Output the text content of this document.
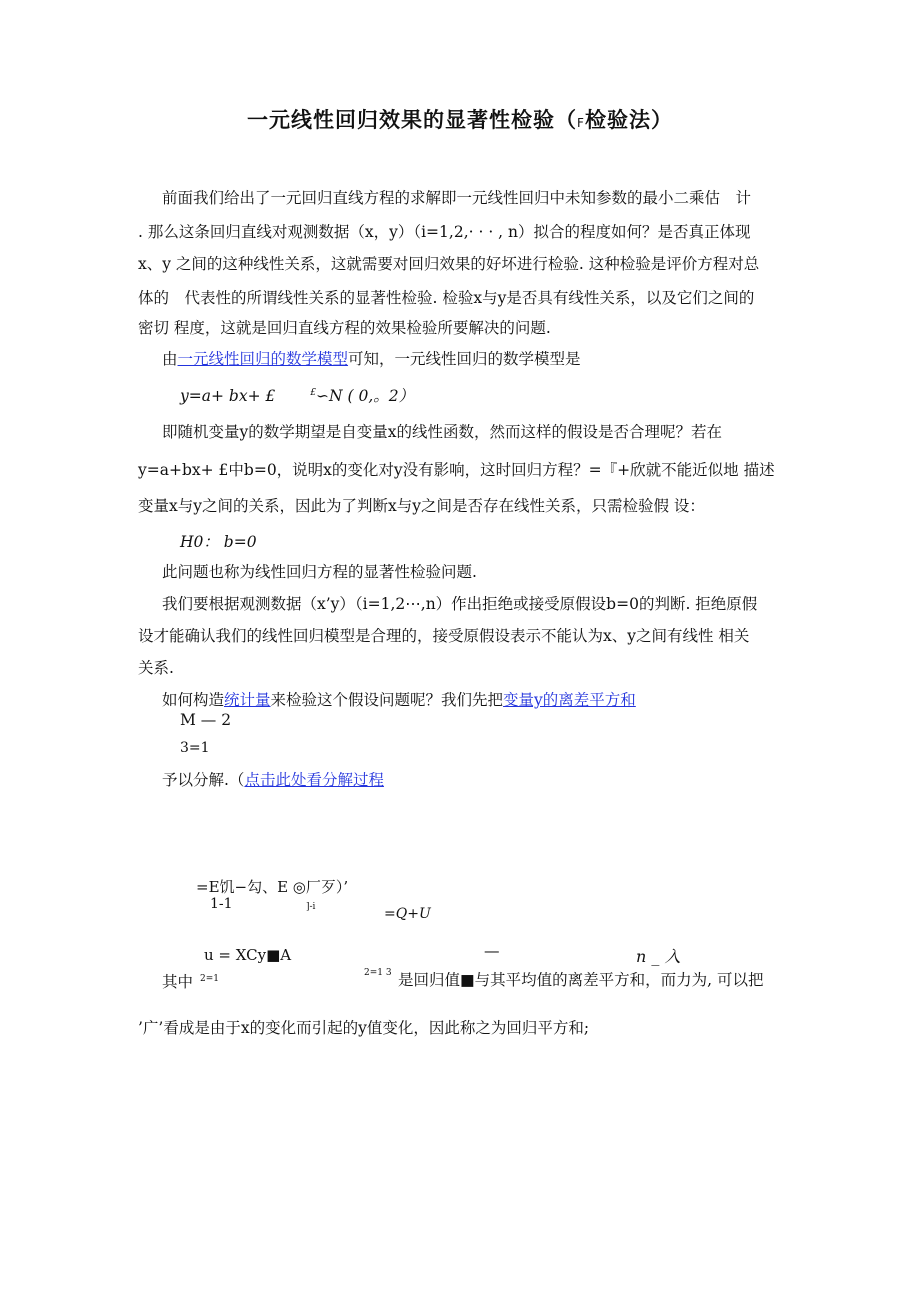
一元线性回归效果的显著性检验（F检验法）
前面我们给出了一元回归直线方程的求解即一元线性回归中未知参数的最小二乘估　计
. 那么这条回归直线对观测数据（x，y）（i=1,2,· · · , n）拟合的程度如何？是否真正体现
x、y 之间的这种线性关系，这就需要对回归效果的好坏进行检验. 这种检验是评价方程对总
体的　代表性的所谓线性关系的显著性检验. 检验x与y是否具有线性关系，以及它们之间的
密切 程度，这就是回归直线方程的效果检验所要解决的问题.
由一元线性回归的数学模型可知，一元线性回归的数学模型是
y=a+ bx+ £	£∽N ( 0,。2）
即随机变量y的数学期望是自变量x的线性函数，然而这样的假设是否合理呢？若在
y=a+bx+ £中b=0，说明x的变化对y没有影响，这时回归方程？=『+欣就不能近似地 描述
变量x与y之间的关系，因此为了判断x与y之间是否存在线性关系，只需检验假 设：
H0： b=0
此问题也称为线性回归方程的显著性检验问题.
我们要根据观测数据（x’y）（i=1,2⋯,n）作出拒绝或接受原假设b=0的判断. 拒绝原假
设才能确认我们的线性回归模型是合理的，接受原假设表示不能认为x、y之间有线性 相关
关系.
如何构造统计量来检验这个假设问题呢？我们先把变量y的离差平方和
M — 2
3=1
予以分解.（点击此处看分解过程
=E饥−勾、E ◎厂歹）’
1-1	]-i	=Q+U
u = XCy■A	—	n _ 入
其中 2=1
2=1 3 是回归值■与其平均值的离差平方和，而力为, 可以把
’广’看成是由于x的变化而引起的y值变化，因此称之为回归平方和;
